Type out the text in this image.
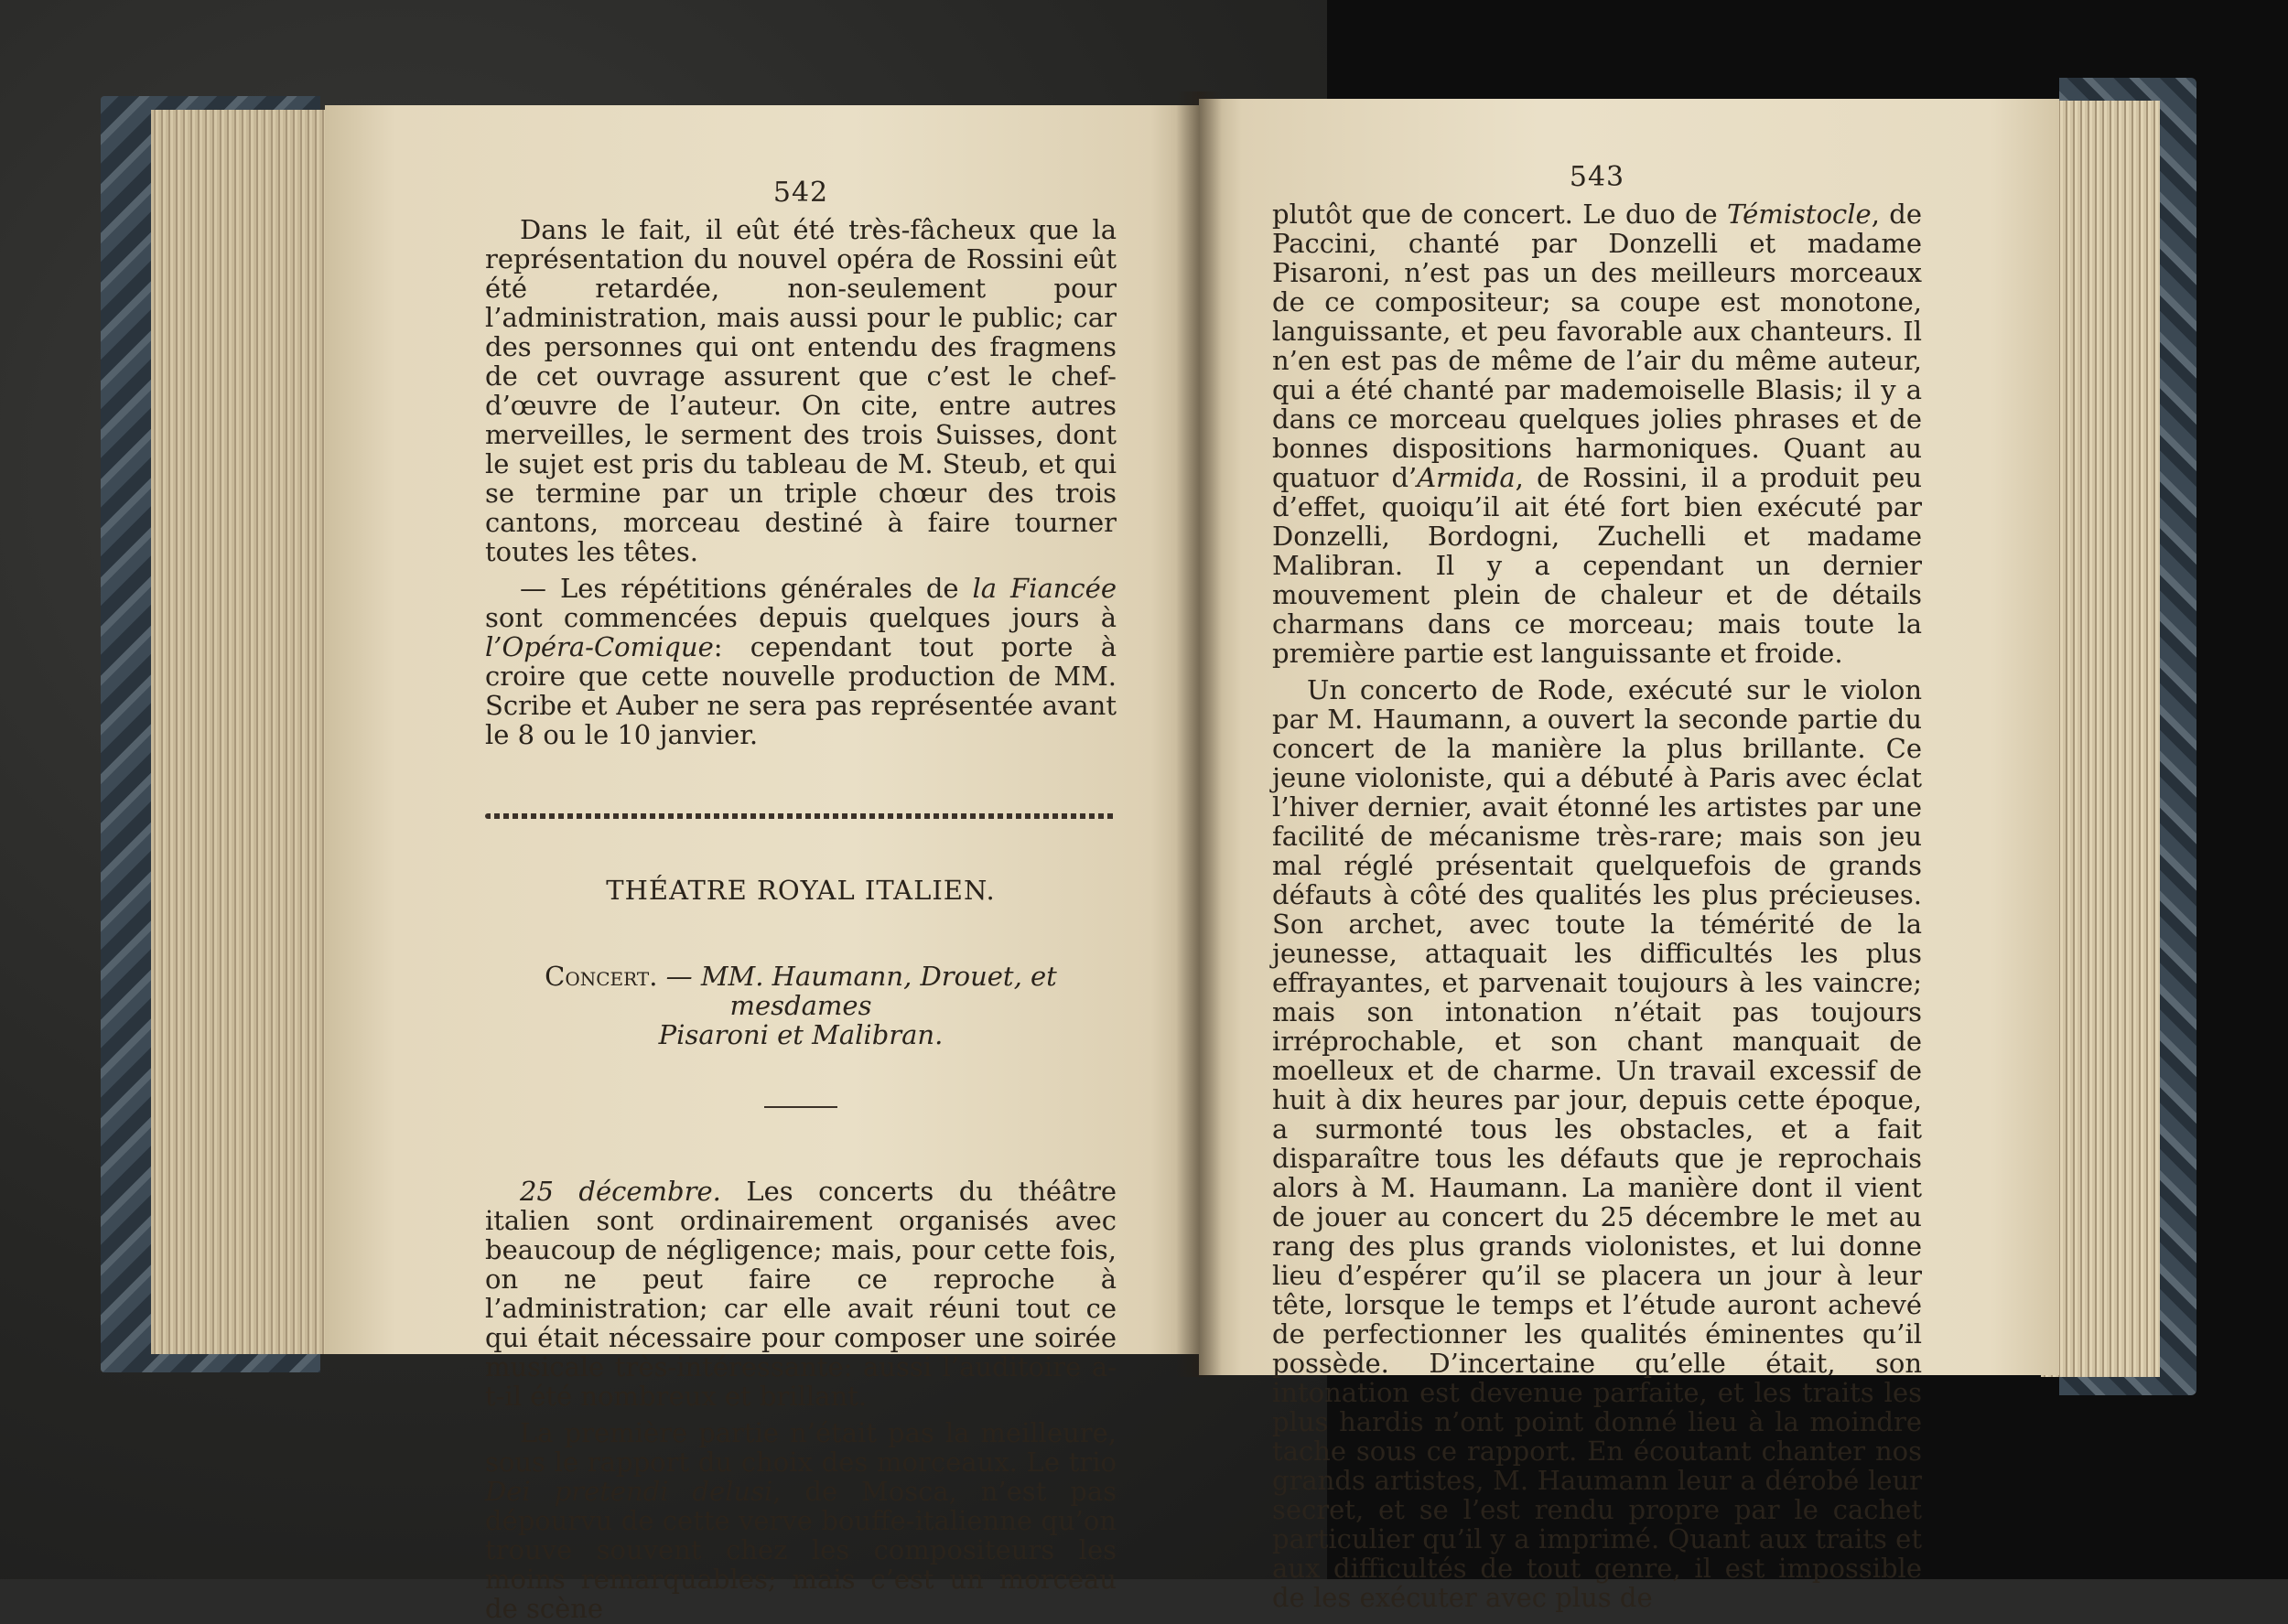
542

Dans le fait, il eût été très-fâcheux que la représentation du nouvel opéra de Rossini eût été retardée, non-seulement pour l’administration, mais aussi pour le public; car des personnes qui ont entendu des fragmens de cet ouvrage assurent que c’est le chef-d’œuvre de l’auteur. On cite, entre autres merveilles, le serment des trois Suisses, dont le sujet est pris du tableau de M. Steub, et qui se termine par un triple chœur des trois cantons, morceau destiné à faire tourner toutes les têtes.

— Les répétitions générales de la Fiancée sont commencées depuis quelques jours à l’Opéra-Comique: cependant tout porte à croire que cette nouvelle production de MM. Scribe et Auber ne sera pas représentée avant le 8 ou le 10 janvier.

THÉATRE ROYAL ITALIEN.

Concert. — MM. Haumann, Drouet, et mesdames

Pisaroni et Malibran.

25 décembre. Les concerts du théâtre italien sont ordinairement organisés avec beaucoup de négligence; mais, pour cette fois, on ne peut faire ce reproche à l’administration; car elle avait réuni tout ce qui était nécessaire pour composer une soirée musicale très-intéressante: aussi l’auditoire a-t-il été nombreux et brillant.

La première partie n’était pas la meilleure, sous le rapport du choix des morceaux. Le trio Dei pretendi delusi, de Mosca, n’est pas dépourvu de cette verve bouffe-italienne qu’on trouve souvent chez les compositeurs les moins remarquables; mais c’est un morceau de scène

543

plutôt que de concert. Le duo de Témistocle, de Paccini, chanté par Donzelli et madame Pisaroni, n’est pas un des meilleurs morceaux de ce compositeur; sa coupe est monotone, languissante, et peu favorable aux chanteurs. Il n’en est pas de même de l’air du même auteur, qui a été chanté par mademoiselle Blasis; il y a dans ce morceau quelques jolies phrases et de bonnes dispositions harmoniques. Quant au quatuor d’Armida, de Rossini, il a produit peu d’effet, quoiqu’il ait été fort bien exécuté par Donzelli, Bordogni, Zuchelli et madame Malibran. Il y a cependant un dernier mouvement plein de chaleur et de détails charmans dans ce morceau; mais toute la première partie est languissante et froide.

Un concerto de Rode, exécuté sur le violon par M. Haumann, a ouvert la seconde partie du concert de la manière la plus brillante. Ce jeune violoniste, qui a débuté à Paris avec éclat l’hiver dernier, avait étonné les artistes par une facilité de mécanisme très-rare; mais son jeu mal réglé présentait quelquefois de grands défauts à côté des qualités les plus précieuses. Son archet, avec toute la témérité de la jeunesse, attaquait les difficultés les plus effrayantes, et parvenait toujours à les vaincre; mais son intonation n’était pas toujours irréprochable, et son chant manquait de moelleux et de charme. Un travail excessif de huit à dix heures par jour, depuis cette époque, a surmonté tous les obstacles, et a fait disparaître tous les défauts que je reprochais alors à M. Haumann. La manière dont il vient de jouer au concert du 25 décembre le met au rang des plus grands violonistes, et lui donne lieu d’espérer qu’il se placera un jour à leur tête, lorsque le temps et l’étude auront achevé de perfectionner les qualités éminentes qu’il possède. D’incertaine qu’elle était, son intonation est devenue parfaite, et les traits les plus hardis n’ont point donné lieu à la moindre tache sous ce rapport. En écoutant chanter nos grands artistes, M. Haumann leur a dérobé leur secret, et se l’est rendu propre par le cachet particulier qu’il y a imprimé. Quant aux traits et aux difficultés de tout genre, il est impossible de les exécuter avec plus de
